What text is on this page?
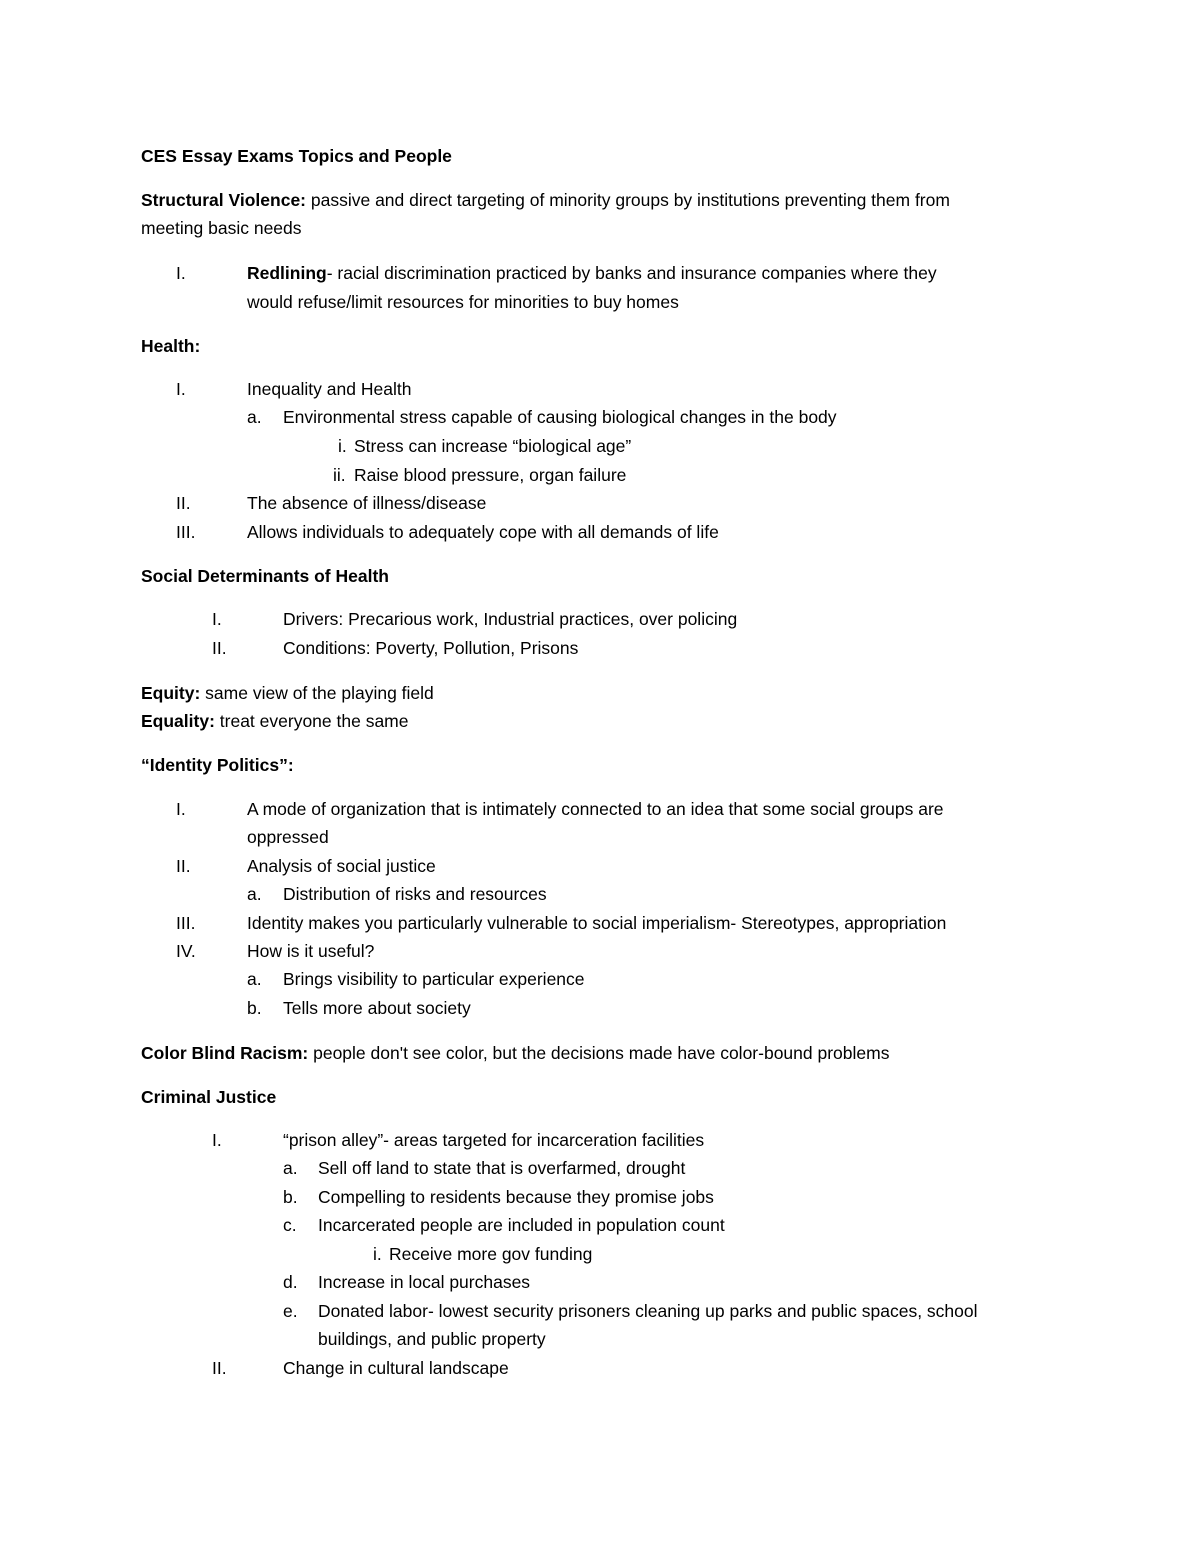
CES Essay Exams Topics and People
Structural Violence: passive and direct targeting of minority groups by institutions preventing them from
meeting basic needs
I.	Redlining- racial discrimination practiced by banks and insurance companies where they
would refuse/limit resources for minorities to buy homes
Health:
I.	Inequality and Health
a. Environmental stress capable of causing biological changes in the body
i. Stress can increase “biological age”
ii. Raise blood pressure, organ failure
II.	The absence of illness/disease
III.	Allows individuals to adequately cope with all demands of life
Social Determinants of Health
I.	Drivers: Precarious work, Industrial practices, over policing
II.	Conditions: Poverty, Pollution, Prisons
Equity: same view of the playing field
Equality: treat everyone the same
“Identity Politics”:
I.	A mode of organization that is intimately connected to an idea that some social groups are
oppressed
II.	Analysis of social justice
a. Distribution of risks and resources
III.	Identity makes you particularly vulnerable to social imperialism- Stereotypes, appropriation
IV.	How is it useful?
a. Brings visibility to particular experience
b. Tells more about society
Color Blind Racism: people don't see color, but the decisions made have color-bound problems
Criminal Justice
I.	“prison alley”- areas targeted for incarceration facilities
a. Sell off land to state that is overfarmed, drought
b. Compelling to residents because they promise jobs
c. Incarcerated people are included in population count
i. Receive more gov funding
d. Increase in local purchases
e. Donated labor- lowest security prisoners cleaning up parks and public spaces, school
buildings, and public property
II.	Change in cultural landscape
